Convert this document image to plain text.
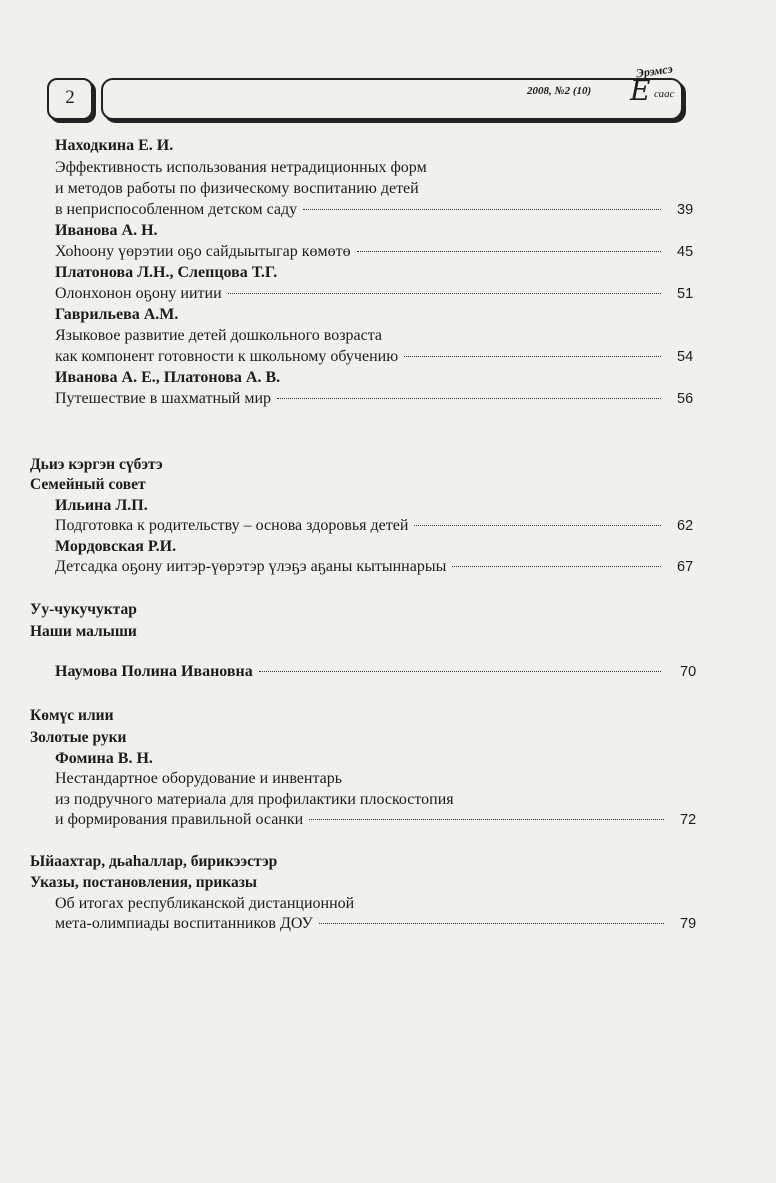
2	2008, №2 (10)
Эрэмсэ
Е саас
Находкина Е. И.
Эффективность использования нетрадиционных форм
и методов работы по физическому воспитанию детей
в неприспособленном детском саду	39
Иванова А. Н.
Хоһоону үөрэтии оҕо сайдыытыгар көмөтө	45
Платонова Л.Н., Слепцова Т.Г.
Олонхонон оҕону иитии	51
Гаврильева А.М.
Языковое развитие детей дошкольного возраста
как компонент готовности к школьному обучению	54
Иванова А. Е., Платонова А. В.
Путешествие в шахматный мир	56
Дьиэ кэргэн сүбэтэ
Семейный совет
Ильина Л.П.
Подготовка к родительству – основа здоровья детей	62
Мордовская Р.И.
Детсадка оҕону иитэр-үөрэтэр үлэҕэ аҕаны кытыннарыы	67
Уу-чукучуктар
Наши малыши
Наумова Полина Ивановна	70
Көмүс илии
Золотые руки
Фомина В. Н.
Нестандартное оборудование и инвентарь
из подручного материала для профилактики плоскостопия
и формирования правильной осанки	72
Ыйаахтар, дьаһаллар, бирикээстэр
Указы, постановления, приказы
Об итогах республиканской дистанционной
мета-олимпиады воспитанников ДОУ	79
